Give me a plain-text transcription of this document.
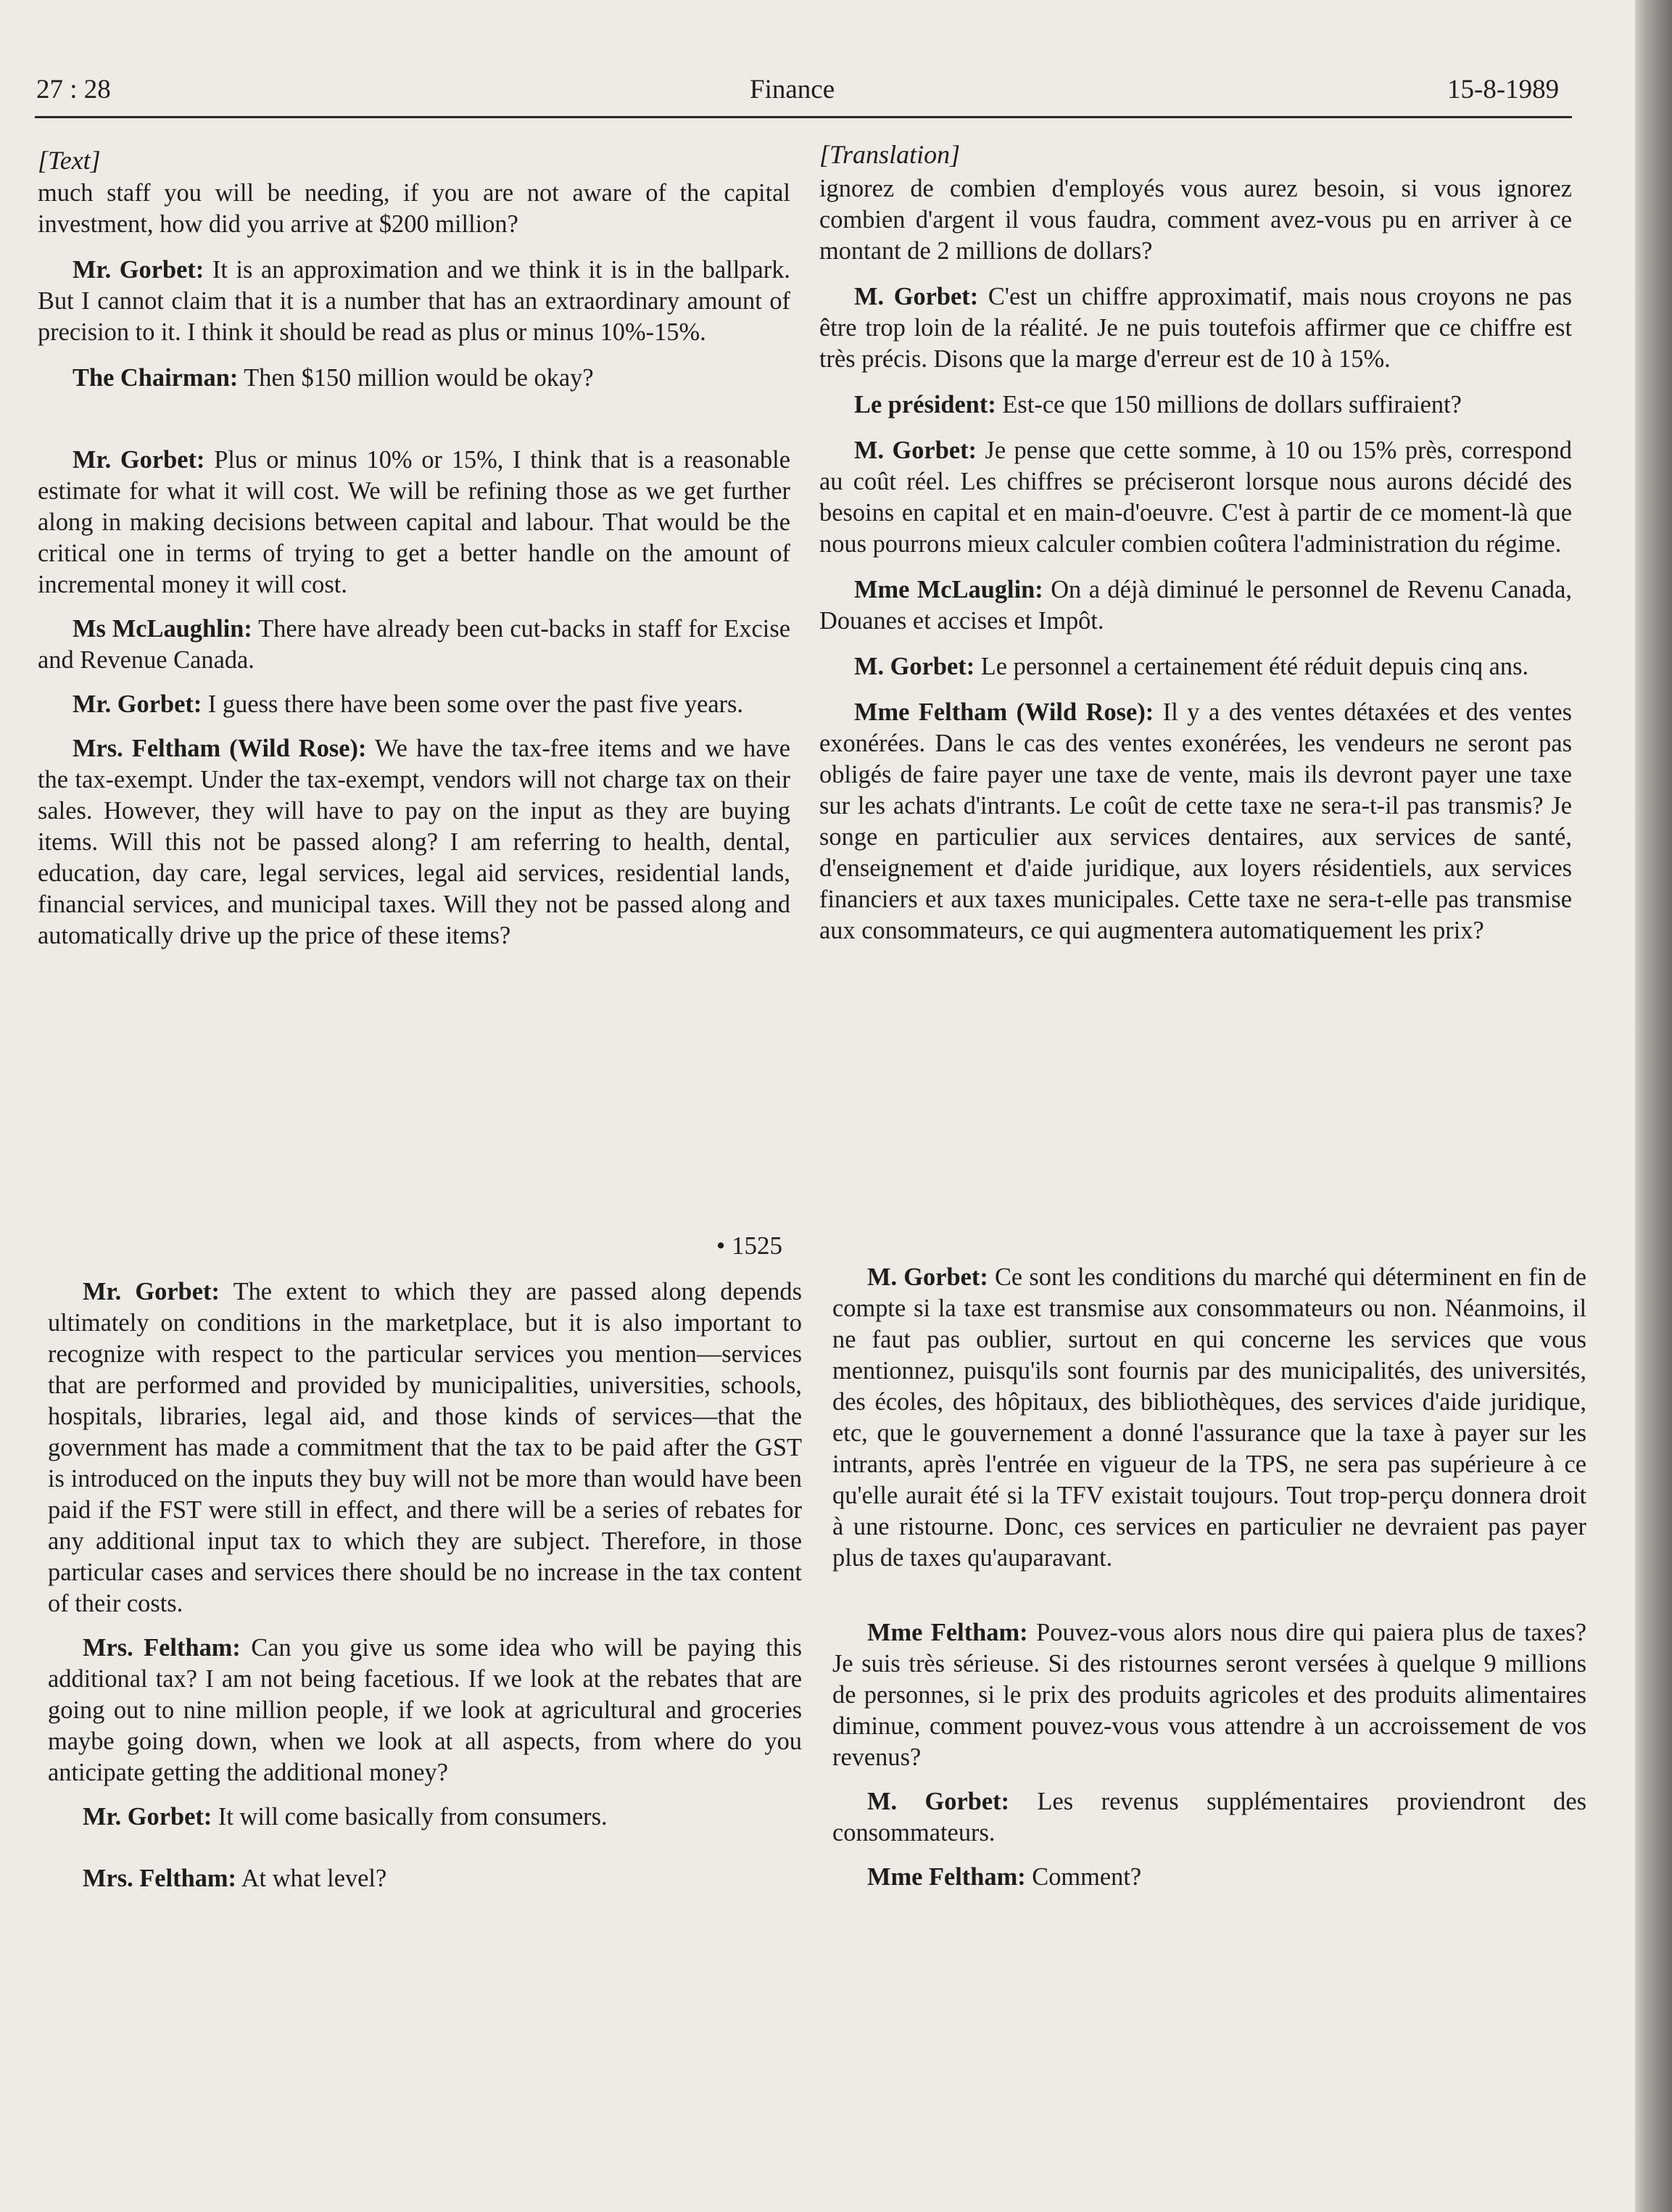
27 : 28	Finance	15-8-1989

[Text]

much staff you will be needing, if you are not aware of the capital investment, how did you arrive at $200 million?

Mr. Gorbet: It is an approximation and we think it is in the ballpark. But I cannot claim that it is a number that has an extraordinary amount of precision to it. I think it should be read as plus or minus 10%-15%.

The Chairman: Then $150 million would be okay?

Mr. Gorbet: Plus or minus 10% or 15%, I think that is a reasonable estimate for what it will cost. We will be refining those as we get further along in making decisions between capital and labour. That would be the critical one in terms of trying to get a better handle on the amount of incremental money it will cost.

Ms McLaughlin: There have already been cut-backs in staff for Excise and Revenue Canada.

Mr. Gorbet: I guess there have been some over the past five years.

Mrs. Feltham (Wild Rose): We have the tax-free items and we have the tax-exempt. Under the tax-exempt, vendors will not charge tax on their sales. However, they will have to pay on the input as they are buying items. Will this not be passed along? I am referring to health, dental, education, day care, legal services, legal aid services, residential lands, financial services, and municipal taxes. Will they not be passed along and automatically drive up the price of these items?

• 1525

Mr. Gorbet: The extent to which they are passed along depends ultimately on conditions in the marketplace, but it is also important to recognize with respect to the particular services you mention—services that are performed and provided by municipalities, universities, schools, hospitals, libraries, legal aid, and those kinds of services—that the government has made a commitment that the tax to be paid after the GST is introduced on the inputs they buy will not be more than would have been paid if the FST were still in effect, and there will be a series of rebates for any additional input tax to which they are subject. Therefore, in those particular cases and services there should be no increase in the tax content of their costs.

Mrs. Feltham: Can you give us some idea who will be paying this additional tax? I am not being facetious. If we look at the rebates that are going out to nine million people, if we look at agricultural and groceries maybe going down, when we look at all aspects, from where do you anticipate getting the additional money?

Mr. Gorbet: It will come basically from consumers.

Mrs. Feltham: At what level?

[Translation]

ignorez de combien d'employés vous aurez besoin, si vous ignorez combien d'argent il vous faudra, comment avez-vous pu en arriver à ce montant de 2 millions de dollars?

M. Gorbet: C'est un chiffre approximatif, mais nous croyons ne pas être trop loin de la réalité. Je ne puis toutefois affirmer que ce chiffre est très précis. Disons que la marge d'erreur est de 10 à 15%.

Le président: Est-ce que 150 millions de dollars suffiraient?

M. Gorbet: Je pense que cette somme, à 10 ou 15% près, correspond au coût réel. Les chiffres se préciseront lorsque nous aurons décidé des besoins en capital et en main-d'oeuvre. C'est à partir de ce moment-là que nous pourrons mieux calculer combien coûtera l'administration du régime.

Mme McLauglin: On a déjà diminué le personnel de Revenu Canada, Douanes et accises et Impôt.

M. Gorbet: Le personnel a certainement été réduit depuis cinq ans.

Mme Feltham (Wild Rose): Il y a des ventes détaxées et des ventes exonérées. Dans le cas des ventes exonérées, les vendeurs ne seront pas obligés de faire payer une taxe de vente, mais ils devront payer une taxe sur les achats d'intrants. Le coût de cette taxe ne sera-t-il pas transmis? Je songe en particulier aux services dentaires, aux services de santé, d'enseignement et d'aide juridique, aux loyers résidentiels, aux services financiers et aux taxes municipales. Cette taxe ne sera-t-elle pas transmise aux consommateurs, ce qui augmentera automatiquement les prix?

M. Gorbet: Ce sont les conditions du marché qui déterminent en fin de compte si la taxe est transmise aux consommateurs ou non. Néanmoins, il ne faut pas oublier, surtout en qui concerne les services que vous mentionnez, puisqu'ils sont fournis par des municipalités, des universités, des écoles, des hôpitaux, des bibliothèques, des services d'aide juridique, etc, que le gouvernement a donné l'assurance que la taxe à payer sur les intrants, après l'entrée en vigueur de la TPS, ne sera pas supérieure à ce qu'elle aurait été si la TFV existait toujours. Tout trop-perçu donnera droit à une ristourne. Donc, ces services en particulier ne devraient pas payer plus de taxes qu'auparavant.

Mme Feltham: Pouvez-vous alors nous dire qui paiera plus de taxes? Je suis très sérieuse. Si des ristournes seront versées à quelque 9 millions de personnes, si le prix des produits agricoles et des produits alimentaires diminue, comment pouvez-vous vous attendre à un accroissement de vos revenus?

M. Gorbet: Les revenus supplémentaires proviendront des consommateurs.

Mme Feltham: Comment?
